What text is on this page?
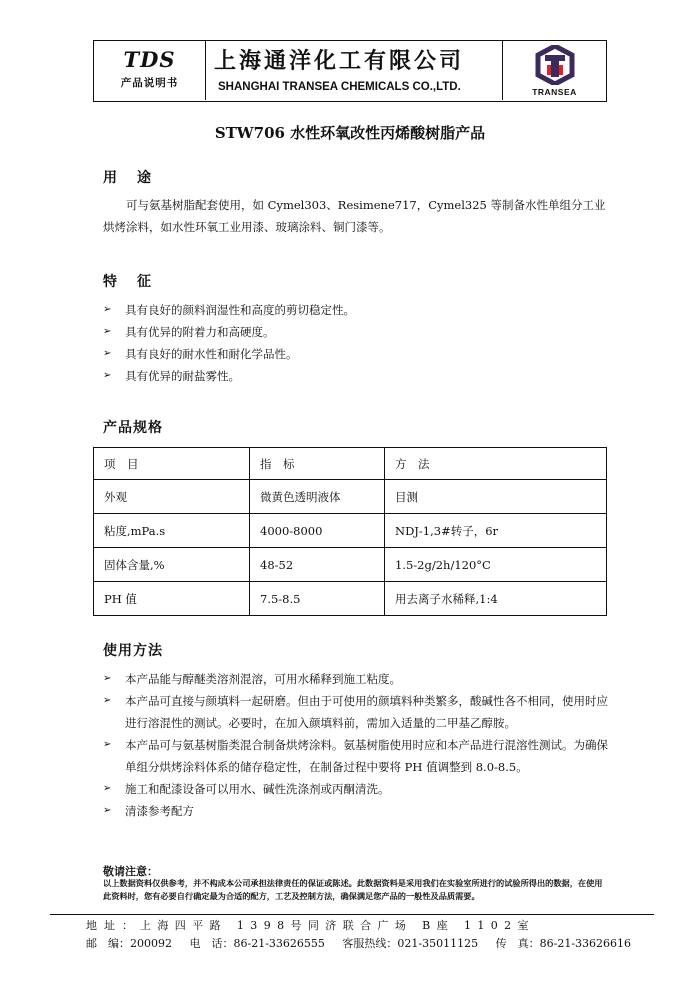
TDS
产品说明书
上海通洋化工有限公司
SHANGHAI TRANSEA CHEMICALS CO.,LTD.	TRANSEA
STW706 水性环氧改性丙烯酸树脂产品
用途
可与氨基树脂配套使用，如 Cymel303、Resimene717，Cymel325 等制备水性单组分工业烘烤涂料，如水性环氧工业用漆、玻璃涂料、铜门漆等。
特征
➢ 具有良好的颜料润湿性和高度的剪切稳定性。
➢ 具有优异的附着力和高硬度。
➢ 具有良好的耐水性和耐化学品性。
➢ 具有优异的耐盐雾性。
产品规格
项　目	指　标	方　法
外观	微黄色透明液体	目测
粘度,mPa.s	4000-8000	NDJ-1,3#转子，6r
固体含量,%	48-52	1.5-2g/2h/120°C
PH 值	7.5-8.5	用去离子水稀释,1:4
使用方法
➢ 本产品能与醇醚类溶剂混溶，可用水稀释到施工粘度。
➢ 本产品可直接与颜填料一起研磨。但由于可使用的颜填料种类繁多，酸碱性各不相同，使用时应进行溶混性的测试。必要时，在加入颜填料前，需加入适量的二甲基乙醇胺。
➢ 本产品可与氨基树脂类混合制备烘烤涂料。氨基树脂使用时应和本产品进行混溶性测试。为确保单组分烘烤涂料体系的储存稳定性，在制备过程中要将 PH 值调整到 8.0-8.5。
➢ 施工和配漆设备可以用水、碱性洗涤剂或丙酮清洗。
➢ 清漆参考配方
敬请注意：
以上数据资料仅供参考，并不构成本公司承担法律责任的保证或陈述。此数据资料是采用我们在实验室所进行的试验所得出的数据，在使用此资料时，您有必要自行确定最为合适的配方，工艺及控制方法，确保满足您产品的一般性及品质需要。
地址：上海四平路 1398号同济联合广场 B座 1102室
邮　编：200092 电　话：86-21-33626555 客服热线：021-35011125 传　真：86-21-33626616
